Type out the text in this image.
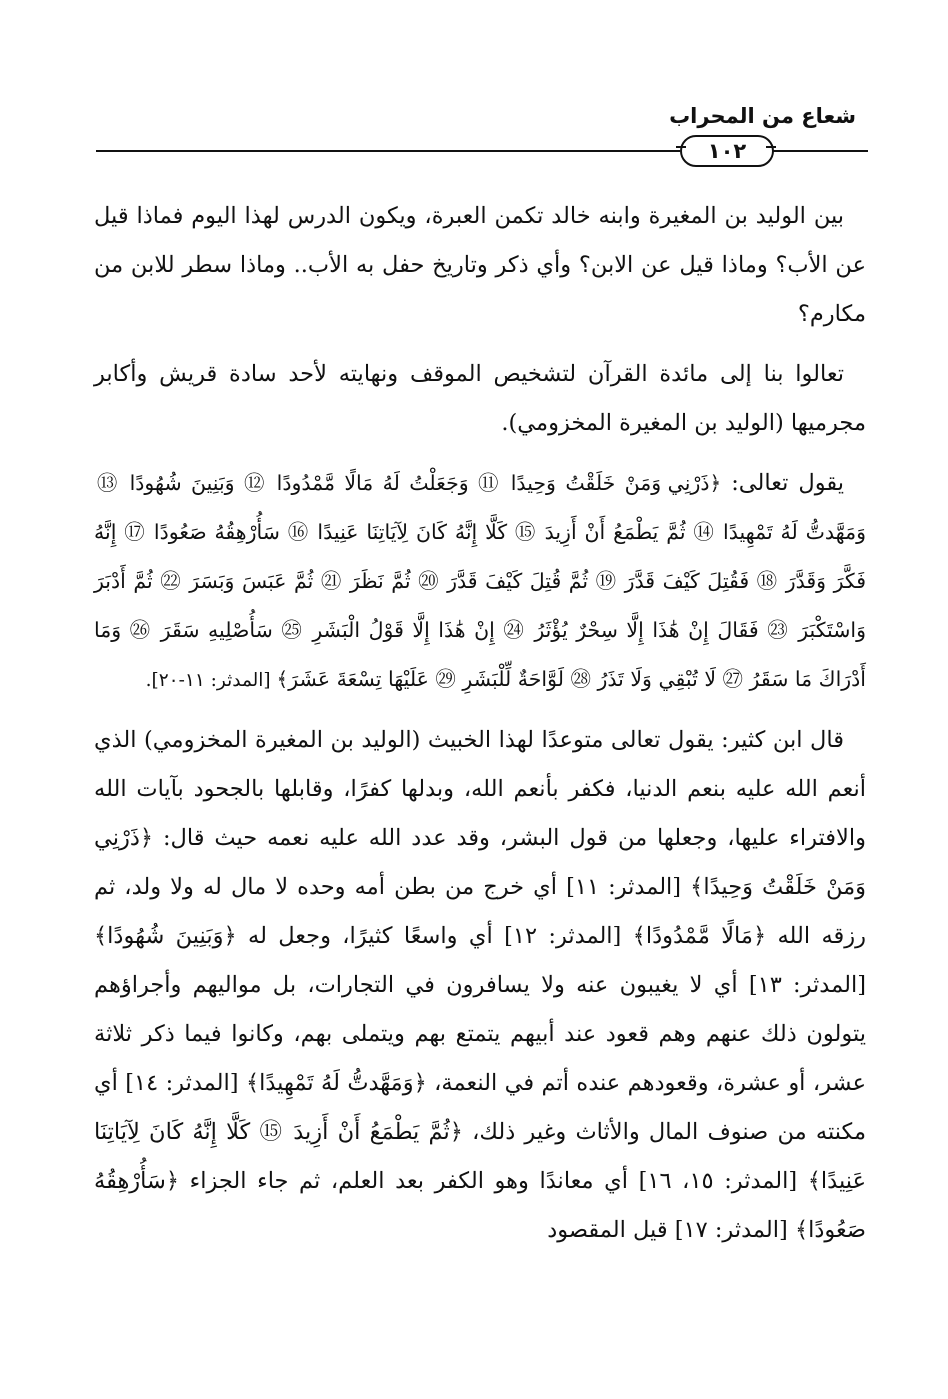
شعاع من المحراب
١٠٢

بين الوليد بن المغيرة وابنه خالد تكمن العبرة، ويكون الدرس لهذا اليوم فماذا قيل عن الأب؟ وماذا قيل عن الابن؟ وأي ذكر وتاريخ حفل به الأب.. وماذا سطر للابن من مكارم؟

تعالوا بنا إلى مائدة القرآن لتشخيص الموقف ونهايته لأحد سادة قريش وأكابر مجرميها (الوليد بن المغيرة المخزومي).

يقول تعالى: ﴿ذَرْنِي وَمَنْ خَلَقْتُ وَحِيدًا ⑪ وَجَعَلْتُ لَهُ مَالًا مَّمْدُودًا ⑫ وَبَنِينَ شُهُودًا ⑬ وَمَهَّدتُّ لَهُ تَمْهِيدًا ⑭ ثُمَّ يَطْمَعُ أَنْ أَزِيدَ ⑮ كَلَّا إِنَّهُ كَانَ لِآيَاتِنَا عَنِيدًا ⑯ سَأُرْهِقُهُ صَعُودًا ⑰ إِنَّهُ فَكَّرَ وَقَدَّرَ ⑱ فَقُتِلَ كَيْفَ قَدَّرَ ⑲ ثُمَّ قُتِلَ كَيْفَ قَدَّرَ ⑳ ثُمَّ نَظَرَ ㉑ ثُمَّ عَبَسَ وَبَسَرَ ㉒ ثُمَّ أَدْبَرَ وَاسْتَكْبَرَ ㉓ فَقَالَ إِنْ هَٰذَا إِلَّا سِحْرٌ يُؤْثَرُ ㉔ إِنْ هَٰذَا إِلَّا قَوْلُ الْبَشَرِ ㉕ سَأُصْلِيهِ سَقَرَ ㉖ وَمَا أَدْرَاكَ مَا سَقَرُ ㉗ لَا تُبْقِي وَلَا تَذَرُ ㉘ لَوَّاحَةٌ لِّلْبَشَرِ ㉙ عَلَيْهَا تِسْعَةَ عَشَرَ﴾ [المدثر: ١١-٢٠].

قال ابن كثير: يقول تعالى متوعدًا لهذا الخبيث (الوليد بن المغيرة المخزومي) الذي أنعم الله عليه بنعم الدنيا، فكفر بأنعم الله، وبدلها كفرًا، وقابلها بالجحود بآيات الله والافتراء عليها، وجعلها من قول البشر، وقد عدد الله عليه نعمه حيث قال: ﴿ذَرْنِي وَمَنْ خَلَقْتُ وَحِيدًا﴾ [المدثر: ١١] أي خرج من بطن أمه وحده لا مال له ولا ولد، ثم رزقه الله ﴿مَالًا مَّمْدُودًا﴾ [المدثر: ١٢] أي واسعًا كثيرًا، وجعل له ﴿وَبَنِينَ شُهُودًا﴾ [المدثر: ١٣] أي لا يغيبون عنه ولا يسافرون في التجارات، بل مواليهم وأجراؤهم يتولون ذلك عنهم وهم قعود عند أبيهم يتمتع بهم ويتملى بهم، وكانوا فيما ذكر ثلاثة عشر، أو عشرة، وقعودهم عنده أتم في النعمة، ﴿وَمَهَّدتُّ لَهُ تَمْهِيدًا﴾ [المدثر: ١٤] أي مكنته من صنوف المال والأثاث وغير ذلك، ﴿ثُمَّ يَطْمَعُ أَنْ أَزِيدَ ⑮ كَلَّا إِنَّهُ كَانَ لِآيَاتِنَا عَنِيدًا﴾ [المدثر: ١٥، ١٦] أي معاندًا وهو الكفر بعد العلم، ثم جاء الجزاء ﴿سَأُرْهِقُهُ صَعُودًا﴾ [المدثر: ١٧] قيل المقصود
